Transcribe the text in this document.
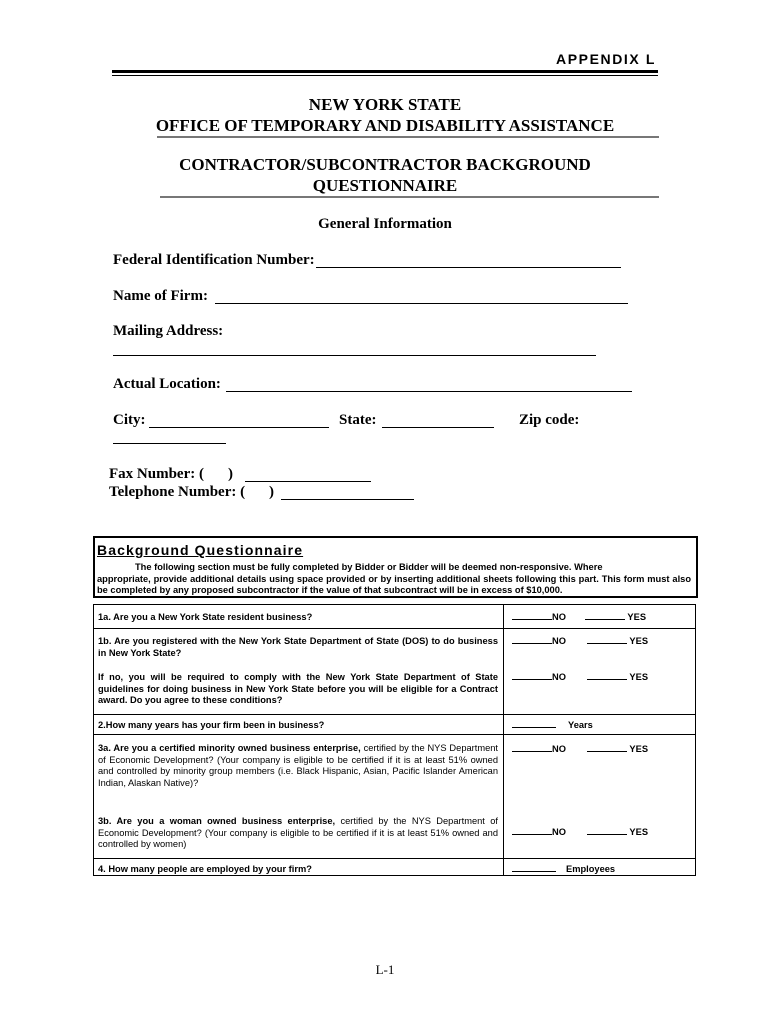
APPENDIX L
NEW YORK STATE
OFFICE OF TEMPORARY AND DISABILITY ASSISTANCE
CONTRACTOR/SUBCONTRACTOR BACKGROUND
QUESTIONNAIRE
General Information
Federal Identification Number:
Name of Firm:
Mailing Address:
Actual Location:
City:	State:	Zip code:
Fax Number: ( )
Telephone Number: ( )
Background Questionnaire
The following section must be fully completed by Bidder or Bidder will be deemed non-responsive. Where
appropriate, provide additional details using space provided or by inserting additional sheets following this part. This form must also be completed by any proposed subcontractor if the value of that subcontract will be in excess of $10,000.
1a. Are you a New York State resident business?	NO	YES
1b. Are you registered with the New York State Department of State (DOS) to do business in New York State?
NO	YES
If no, you will be required to comply with the New York State Department of State guidelines for doing business in New York State before you will be eligible for a Contract award. Do you agree to these conditions?
NO	YES
2.How many years has your firm been in business?	Years
3a. Are you a certified minority owned business enterprise, certified by the NYS Department of Economic Development? (Your company is eligible to be certified if it is at least 51% owned and controlled by minority group members (i.e. Black Hispanic, Asian, Pacific Islander American Indian, Alaskan Native)?
NO	YES
3b. Are you a woman owned business enterprise, certified by the NYS Department of Economic Development? (Your company is eligible to be certified if it is at least 51% owned and controlled by women)
NO	YES
4. How many people are employed by your firm?	Employees
L-1
